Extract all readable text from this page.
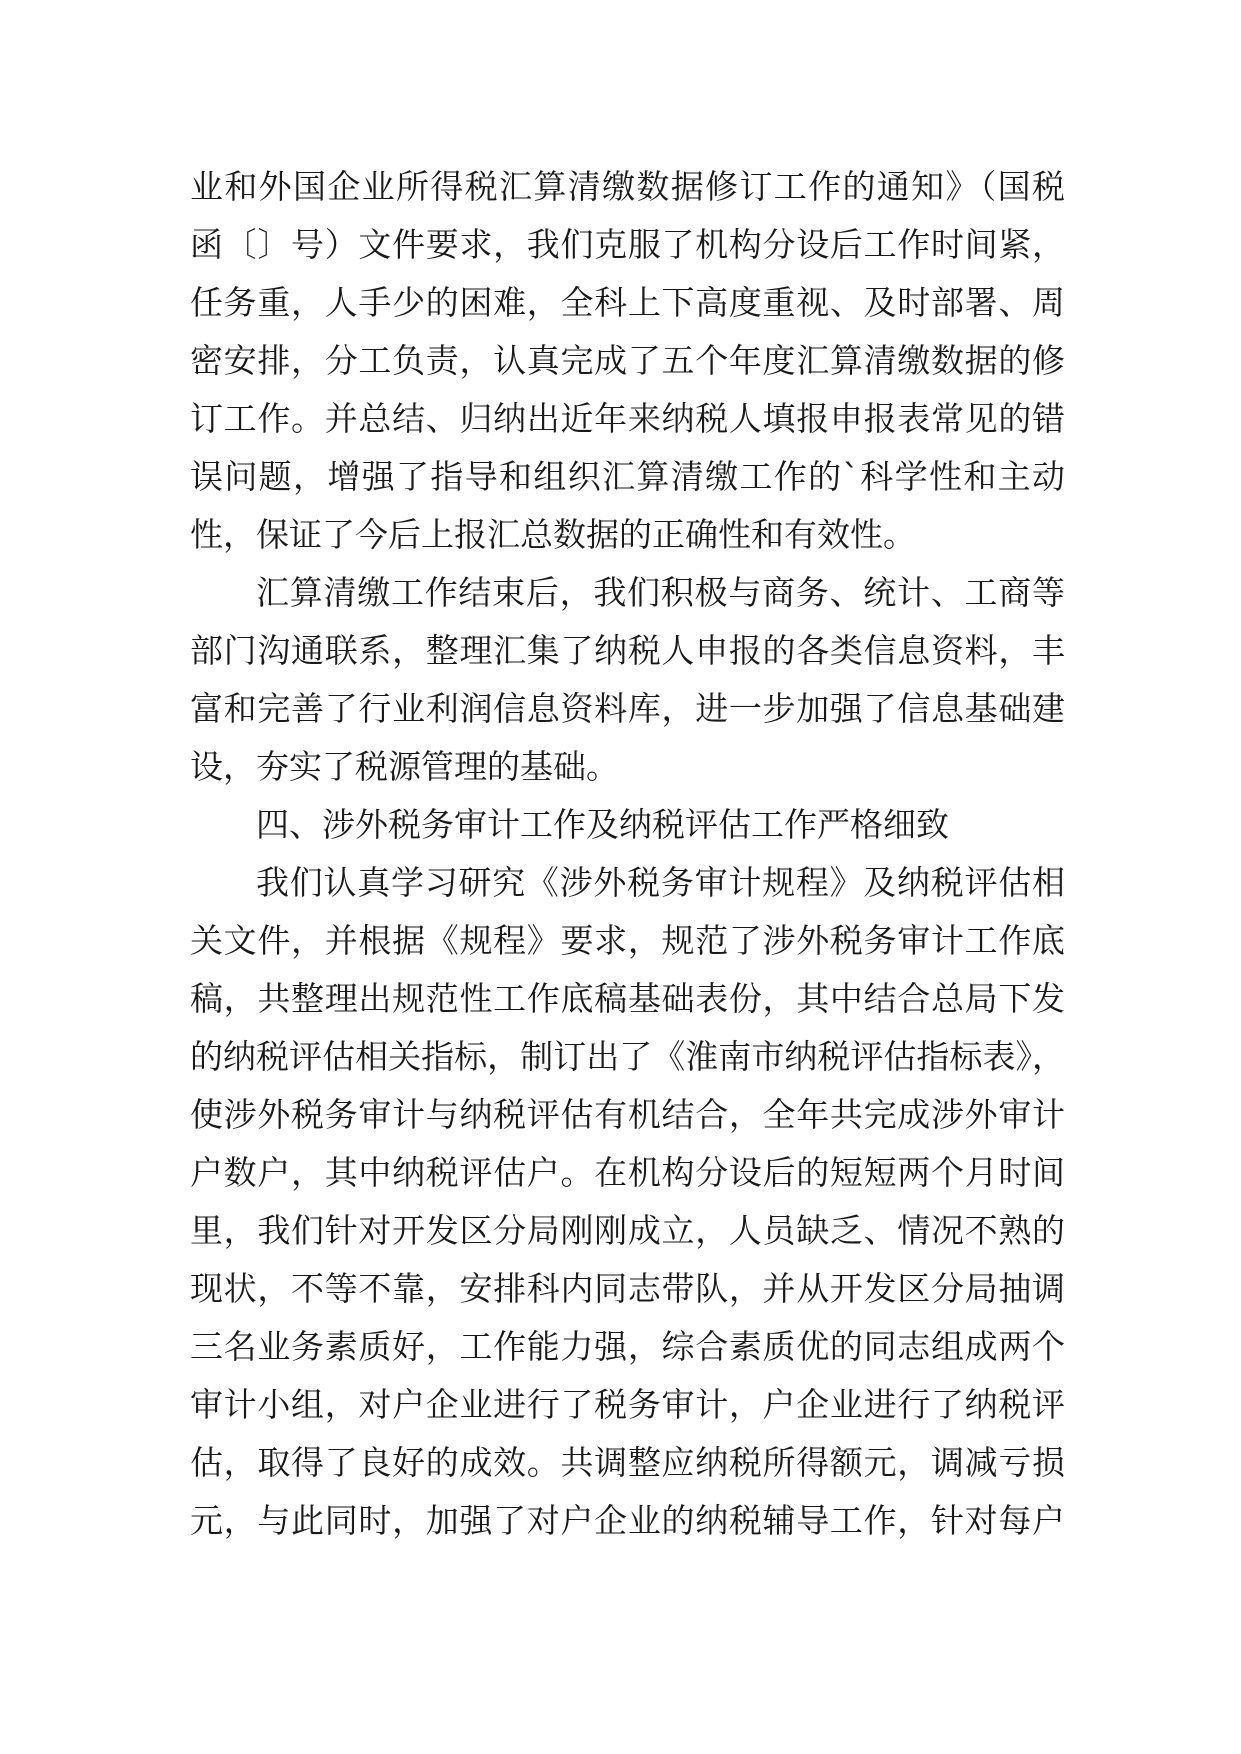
业和外国企业所得税汇算清缴数据修订工作的通知》（国税
函〔〕号）文件要求，我们克服了机构分设后工作时间紧，
任务重，人手少的困难，全科上下高度重视、及时部署、周
密安排，分工负责，认真完成了五个年度汇算清缴数据的修
订工作。并总结、归纳出近年来纳税人填报申报表常见的错
误问题，增强了指导和组织汇算清缴工作的`科学性和主动
性，保证了今后上报汇总数据的正确性和有效性。
汇算清缴工作结束后，我们积极与商务、统计、工商等
部门沟通联系，整理汇集了纳税人申报的各类信息资料，丰
富和完善了行业利润信息资料库，进一步加强了信息基础建
设，夯实了税源管理的基础。
四、涉外税务审计工作及纳税评估工作严格细致
我们认真学习研究《涉外税务审计规程》及纳税评估相
关文件，并根据《规程》要求，规范了涉外税务审计工作底
稿，共整理出规范性工作底稿基础表份，其中结合总局下发
的纳税评估相关指标，制订出了《淮南市纳税评估指标表》，
使涉外税务审计与纳税评估有机结合，全年共完成涉外审计
户数户，其中纳税评估户。在机构分设后的短短两个月时间
里，我们针对开发区分局刚刚成立，人员缺乏、情况不熟的
现状，不等不靠，安排科内同志带队，并从开发区分局抽调
三名业务素质好，工作能力强，综合素质优的同志组成两个
审计小组，对户企业进行了税务审计，户企业进行了纳税评
估，取得了良好的成效。共调整应纳税所得额元，调减亏损
元，与此同时，加强了对户企业的纳税辅导工作，针对每户
